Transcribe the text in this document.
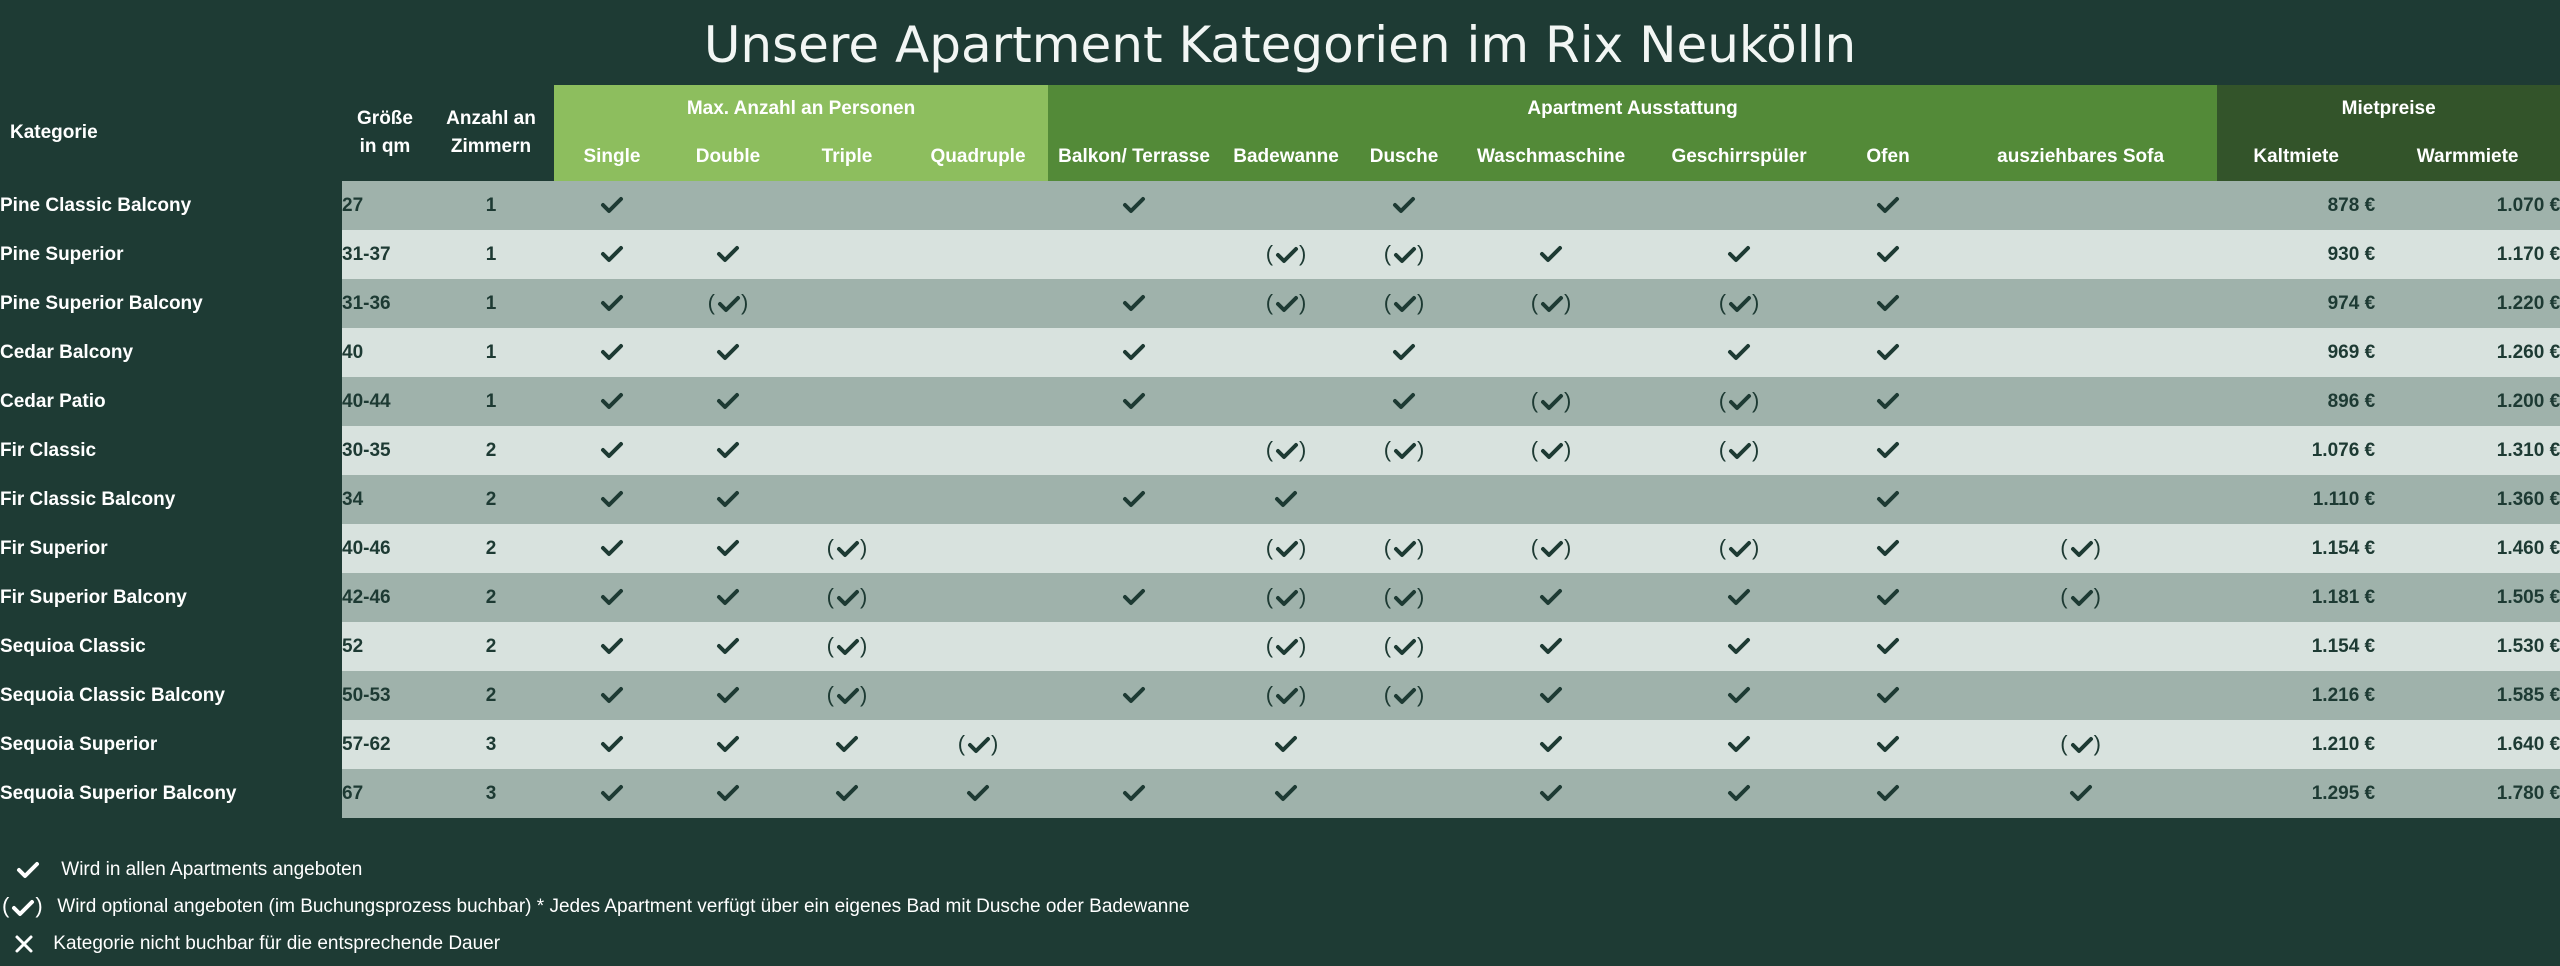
Unsere Apartment Kategorien im Rix Neukölln
Kategorie	Größe in qm	Anzahl an Zimmern	Max. Anzahl an Personen				Apartment Ausstattung							Mietpreise	
			Single	Double	Triple	Quadruple	Balkon/ Terrasse	Badewanne	Dusche	Waschmaschine	Geschirrspüler	Ofen	ausziehbares Sofa	Kaltmiete	Warmmiete
Pine Classic Balcony	27	1												878 €	1.070 €
Pine Superior	31-37	1						( )	( )					930 €	1.170 €
Pine Superior Balcony	31-36	1		( )				( )	( )	( )	( )			974 €	1.220 €
Cedar Balcony	40	1												969 €	1.260 €
Cedar Patio	40-44	1								( )	( )			896 €	1.200 €
Fir Classic	30-35	2						( )	( )	( )	( )			1.076 €	1.310 €
Fir Classic Balcony	34	2												1.110 €	1.360 €
Fir Superior	40-46	2			( )			( )	( )	( )	( )		( )	1.154 €	1.460 €
Fir Superior Balcony	42-46	2			( )			( )	( )				( )	1.181 €	1.505 €
Sequioa Classic	52	2			( )			( )	( )					1.154 €	1.530 €
Sequoia Classic Balcony	50-53	2			( )			( )	( )					1.216 €	1.585 €
Sequoia Superior	57-62	3				( )							( )	1.210 €	1.640 €
Sequoia Superior Balcony	67	3												1.295 €	1.780 €
Wird in allen Apartments angeboten
( ) Wird optional angeboten (im Buchungsprozess buchbar) * Jedes Apartment verfügt über ein eigenes Bad mit Dusche oder Badewanne
Kategorie nicht buchbar für die entsprechende Dauer
